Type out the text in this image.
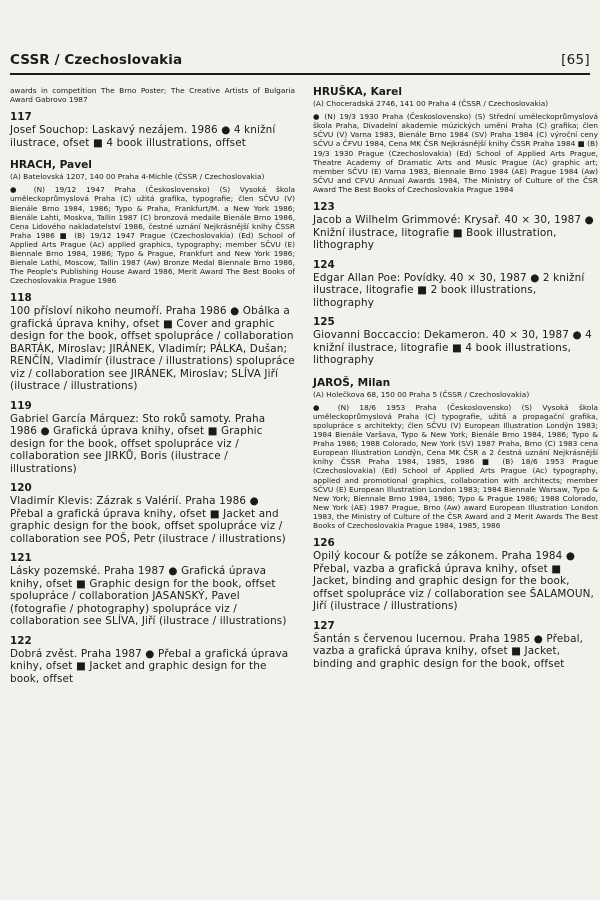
CSSR / Czechoslovakia	[65]

awards in competition The Brno Poster; The Creative Artists of Bulgaria Award Gabrovo 1987

117

Josef Souchop: Laskavý nezájem. 1986 ● 4 knižní ilustrace, ofset ■ 4 book illustrations, offset

HRACH, Pavel

(A) Batelovská 1207, 140 00 Praha 4-Michle (ČSSR / Czechoslovakia)

● (N) 19/12 1947 Praha (Československo) (S) Vysoká škola uměleckoprůmyslová Praha (C) užitá grafika, typografie; člen SČVU (V) Bienále Brno 1984, 1986; Typo & Praha, Frankfurt/M. a New York 1986; Bienále Lahti, Moskva, Tallin 1987 (C) bronzová medaile Bienále Brno 1986, Cena Lidového nakladatelství 1986, čestné uznání Nejkrásnější knihy ČSSR Praha 1986 ■ (B) 19/12 1947 Prague (Czechoslovakia) (Ed) School of Applied Arts Prague (Ac) applied graphics, typography; member SČVU (E) Biennale Brno 1984, 1986; Typo & Prague, Frankfurt and New York 1986; Bienale Lathi, Moscow, Tallin 1987 (Aw) Bronze Medal Biennale Brno 1986, The People's Publishing House Award 1986, Merit Award The Best Books of Czechoslovakia Prague 1986

118

100 přísloví nikoho neumoří. Praha 1986 ● Obálka a grafická úprava knihy, ofset ■ Cover and graphic design for the book, offset spolupráce / collaboration BARTÁK, Miroslav; JIRÁNEK, Vladimír; PÁLKA, Dušan; RENČÍN, Vladimír (ilustrace / illustrations) spolupráce viz / collaboration see JIRÁNEK, Miroslav; SLÍVA Jiří (ilustrace / illustrations)

119

Gabriel García Márquez: Sto roků samoty. Praha 1986 ● Grafická úprava knihy, ofset ■ Graphic design for the book, offset spolupráce viz / collaboration see JIRKŮ, Boris (ilustrace / illustrations)

120

Vladimír Klevis: Zázrak s Valérií. Praha 1986 ● Přebal a grafická úprava knihy, ofset ■ Jacket and graphic design for the book, offset spolupráce viz / collaboration see POŠ, Petr (ilustrace / illustrations)

121

Lásky pozemské. Praha 1987 ● Grafická úprava knihy, ofset ■ Graphic design for the book, offset spolupráce / collaboration JASANSKÝ, Pavel (fotografie / photography) spolupráce viz / collaboration see SLÍVA, Jiří (ilustrace / illustrations)

122

Dobrá zvěst. Praha 1987 ● Přebal a grafická úprava knihy, ofset ■ Jacket and graphic design for the book, offset

HRUŠKA, Karel

(A) Choceradská 2746, 141 00 Praha 4 (ČSSR / Czechoslovakia)

● (N) 19/3 1930 Praha (Československo) (S) Střední uměleckoprůmyslová škola Praha, Divadelní akademie múzických umění Praha (C) grafika; člen SČVU (V) Varna 1983, Bienále Brno 1984 (SV) Praha 1984 (C) výroční ceny SČVU a ČFVU 1984, Cena MK ČSR Nejkrásnější knihy ČSSR Praha 1984 ■ (B) 19/3 1930 Prague (Czechoslovakia) (Ed) School of Applied Arts Prague, Theatre Academy of Dramatic Arts and Music Prague (Ac) graphic art; member SČVU (E) Varna 1983, Biennale Brno 1984 (AE) Prague 1984 (Aw) SČVU and CFVU Annual Awards 1984, The Ministry of Culture of the ČSR Award The Best Books of Czechoslovakia Prague 1984

123

Jacob a Wilhelm Grimmové: Krysař. 40 × 30, 1987 ● Knižní ilustrace, litografie ■ Book illustration, lithography

124

Edgar Allan Poe: Povídky. 40 × 30, 1987 ● 2 knižní ilustrace, litografie ■ 2 book illustrations, lithography

125

Giovanni Boccaccio: Dekameron. 40 × 30, 1987 ● 4 knižní ilustrace, litografie ■ 4 book illustrations, lithography

JAROŠ, Milan

(A) Holečkova 68, 150 00 Praha 5 (ČSSR / Czechoslovakia)

● (N) 18/6 1953 Praha (Československo) (S) Vysoká škola uměleckoprůmyslová Praha (C) typografie, užitá a propagační grafika, spolupráce s architekty; člen SČVU (V) European Illustration Londýn 1983; 1984 Bienále Varšava, Typo & New York; Bienále Brno 1984, 1986; Typo & Praha 1986; 1988 Colorado, New York (SV) 1987 Praha, Brno (C) 1983 cena European Illustration Londýn, Cena MK ČSR a 2 čestná uznání Nejkrásnější knihy ČSSR Praha 1984, 1985, 1986 ■ (B) 18/6 1953 Prague (Czechoslovakia) (Ed) School of Applied Arts Prague (Ac) typography, applied and promotional graphics, collaboration with architects; member SČVU (E) European Illustration London 1983; 1984 Biennale Warsaw, Typo & New York; Biennale Brno 1984, 1986; Typo & Prague 1986; 1988 Colorado, New York (AE) 1987 Prague, Brno (Aw) award European Illustration London 1983, the Ministry of Culture of the ČSR Award and 2 Merit Awards The Best Books of Czechoslovakia Prague 1984, 1985, 1986

126

Opilý kocour & potíže se zákonem. Praha 1984 ● Přebal, vazba a grafická úprava knihy, ofset ■ Jacket, binding and graphic design for the book, offset spolupráce viz / collaboration see ŠALAMOUN, Jiří (ilustrace / illustrations)

127

Šantán s červenou lucernou. Praha 1985 ● Přebal, vazba a grafická úprava knihy, ofset ■ Jacket, binding and graphic design for the book, offset
